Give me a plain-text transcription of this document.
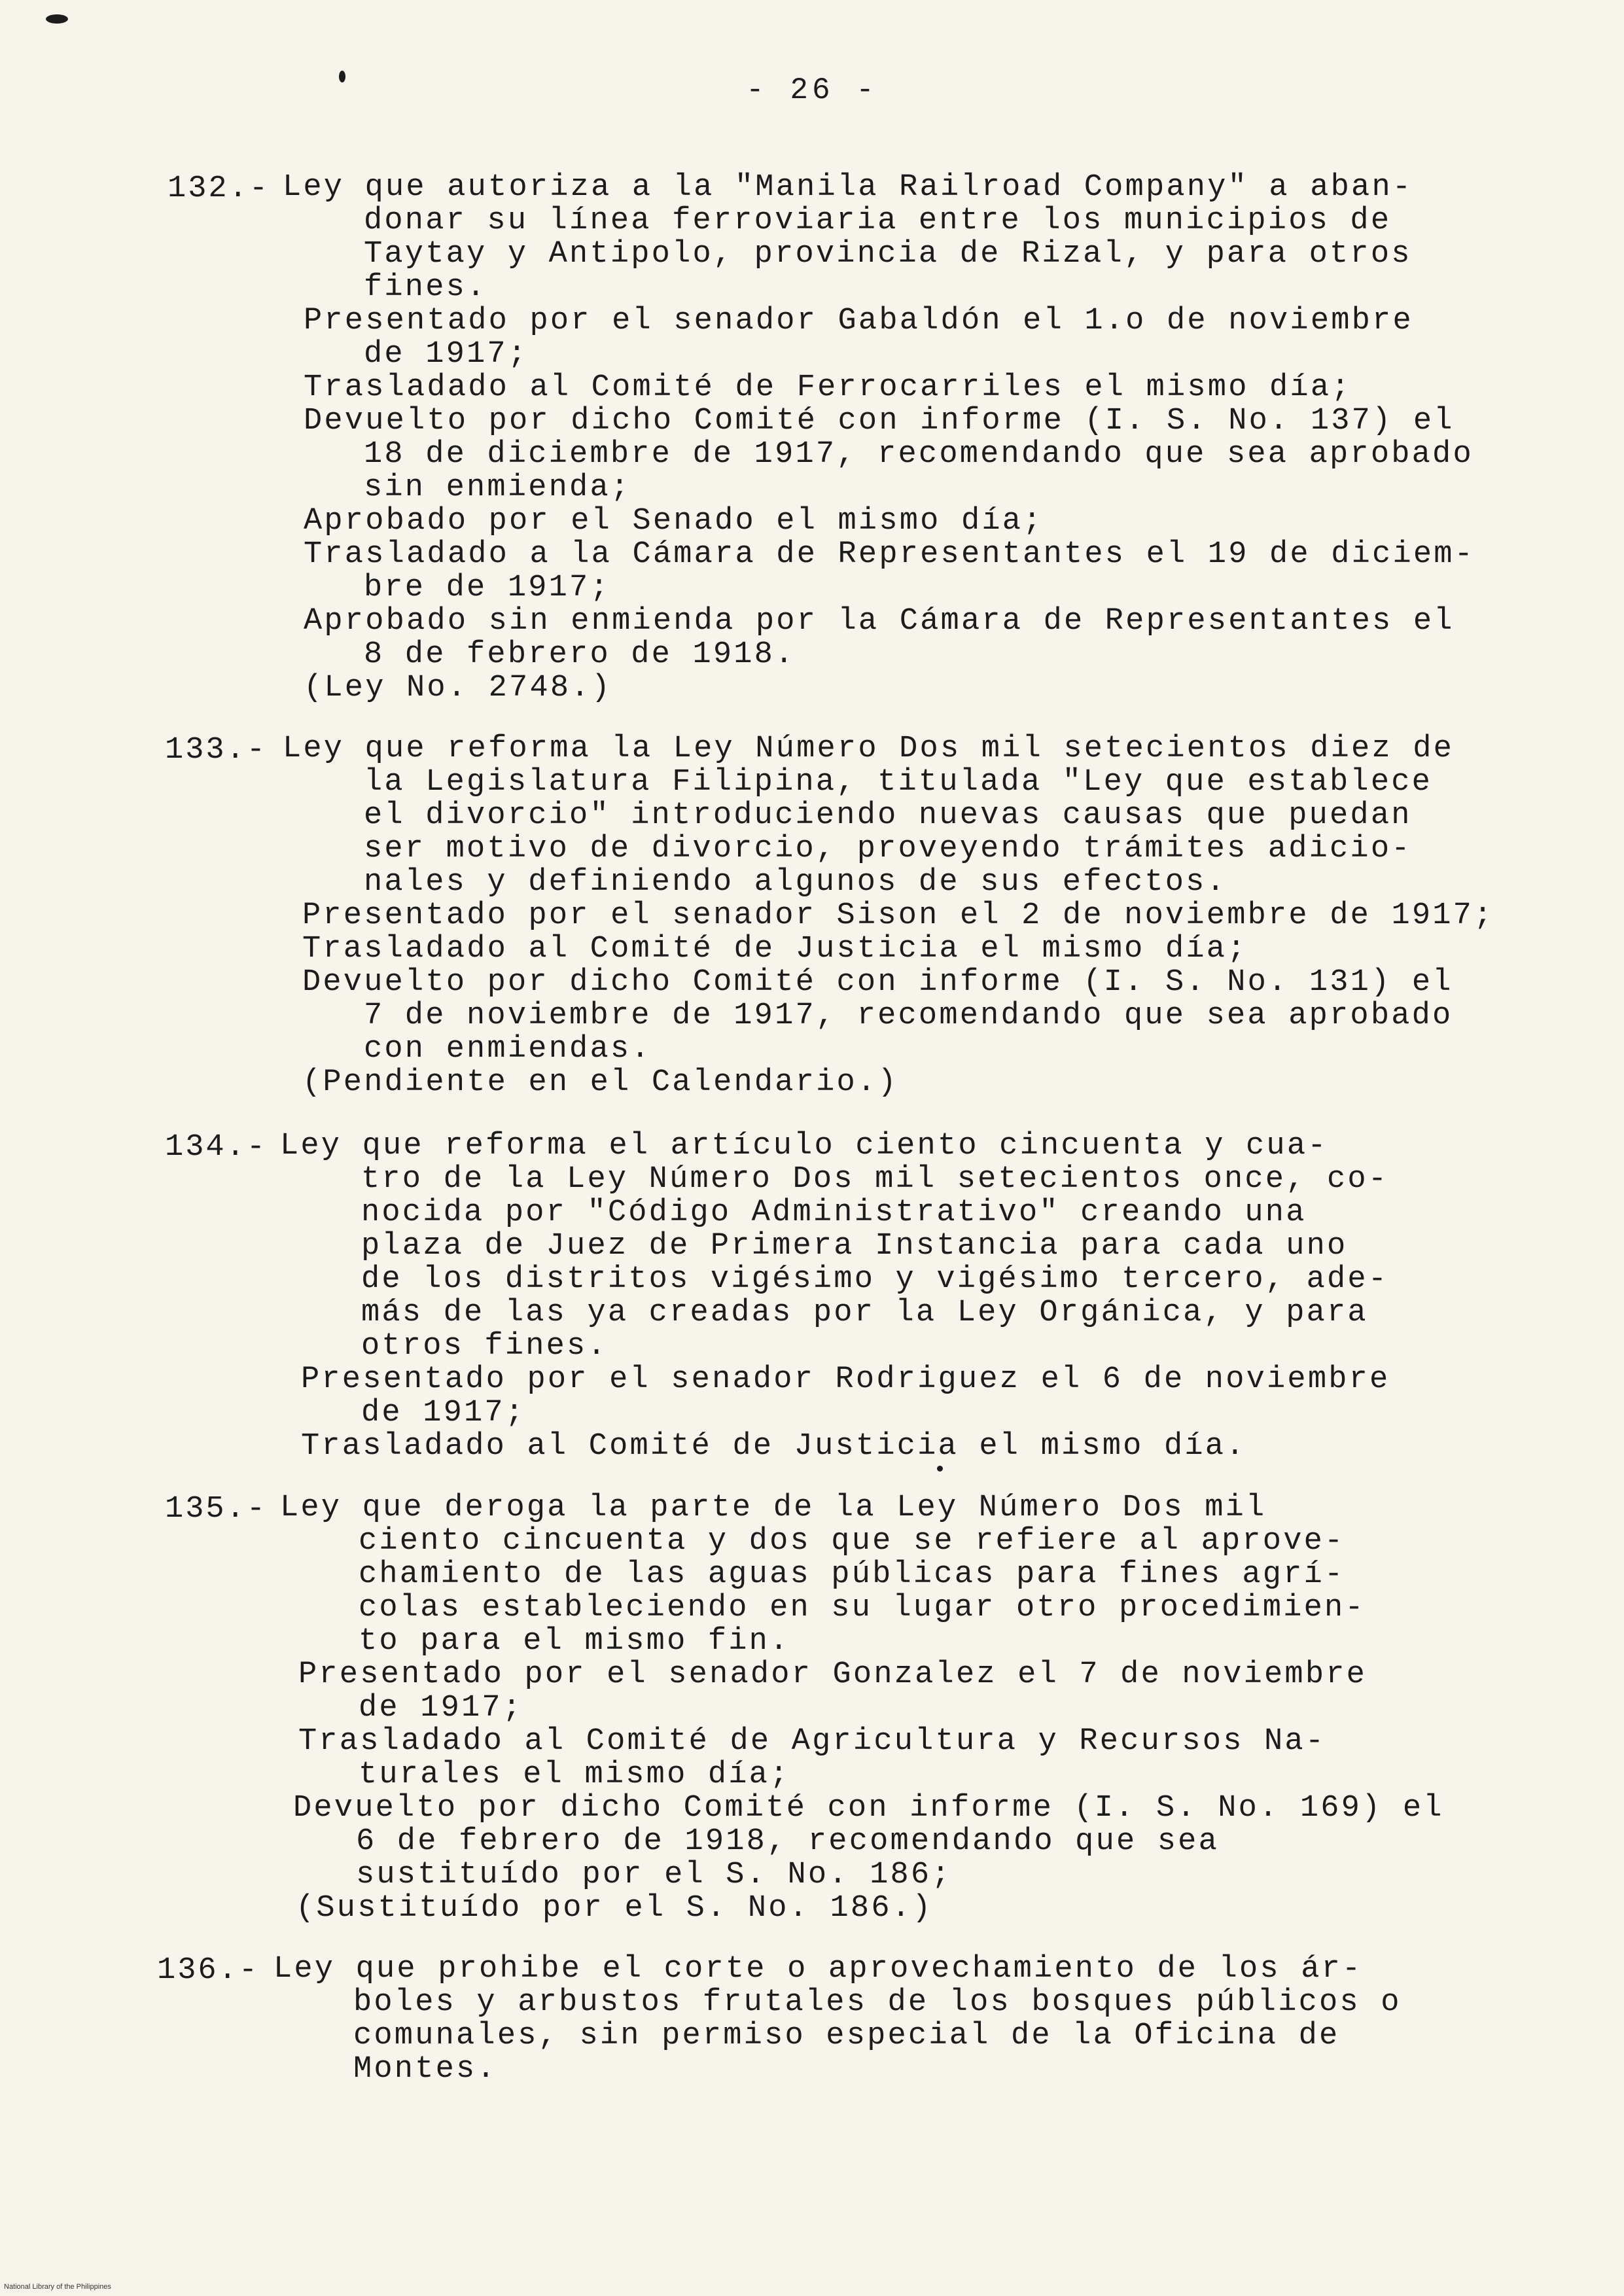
- 26 -
132.- Ley que autoriza a la "Manila Railroad Company" a aban-
donar su línea ferroviaria entre los municipios de
Taytay y Antipolo, provincia de Rizal, y para otros
fines.
Presentado por el senador Gabaldón el 1.o de noviembre
de 1917;
Trasladado al Comité de Ferrocarriles el mismo día;
Devuelto por dicho Comité con informe (I. S. No. 137) el
18 de diciembre de 1917, recomendando que sea aprobado
sin enmienda;
Aprobado por el Senado el mismo día;
Trasladado a la Cámara de Representantes el 19 de diciem-
bre de 1917;
Aprobado sin enmienda por la Cámara de Representantes el
8 de febrero de 1918.
(Ley No. 2748.)
133.- Ley que reforma la Ley Número Dos mil setecientos diez de
la Legislatura Filipina, titulada "Ley que establece
el divorcio" introduciendo nuevas causas que puedan
ser motivo de divorcio, proveyendo trámites adicio-
nales y definiendo algunos de sus efectos.
Presentado por el senador Sison el 2 de noviembre de 1917;
Trasladado al Comité de Justicia el mismo día;
Devuelto por dicho Comité con informe (I. S. No. 131) el
7 de noviembre de 1917, recomendando que sea aprobado
con enmiendas.
(Pendiente en el Calendario.)
134.- Ley que reforma el artículo ciento cincuenta y cua-
tro de la Ley Número Dos mil setecientos once, co-
nocida por "Código Administrativo" creando una
plaza de Juez de Primera Instancia para cada uno
de los distritos vigésimo y vigésimo tercero, ade-
más de las ya creadas por la Ley Orgánica, y para
otros fines.
Presentado por el senador Rodriguez el 6 de noviembre
de 1917;
Trasladado al Comité de Justicia el mismo día.
135.- Ley que deroga la parte de la Ley Número Dos mil
ciento cincuenta y dos que se refiere al aprove-
chamiento de las aguas públicas para fines agrí-
colas estableciendo en su lugar otro procedimien-
to para el mismo fin.
Presentado por el senador Gonzalez el 7 de noviembre
de 1917;
Trasladado al Comité de Agricultura y Recursos Na-
turales el mismo día;
Devuelto por dicho Comité con informe (I. S. No. 169) el
6 de febrero de 1918, recomendando que sea
sustituído por el S. No. 186;
(Sustituído por el S. No. 186.)
136.- Ley que prohibe el corte o aprovechamiento de los ár-
boles y arbustos frutales de los bosques públicos o
comunales, sin permiso especial de la Oficina de
Montes.
National Library of the Philippines
